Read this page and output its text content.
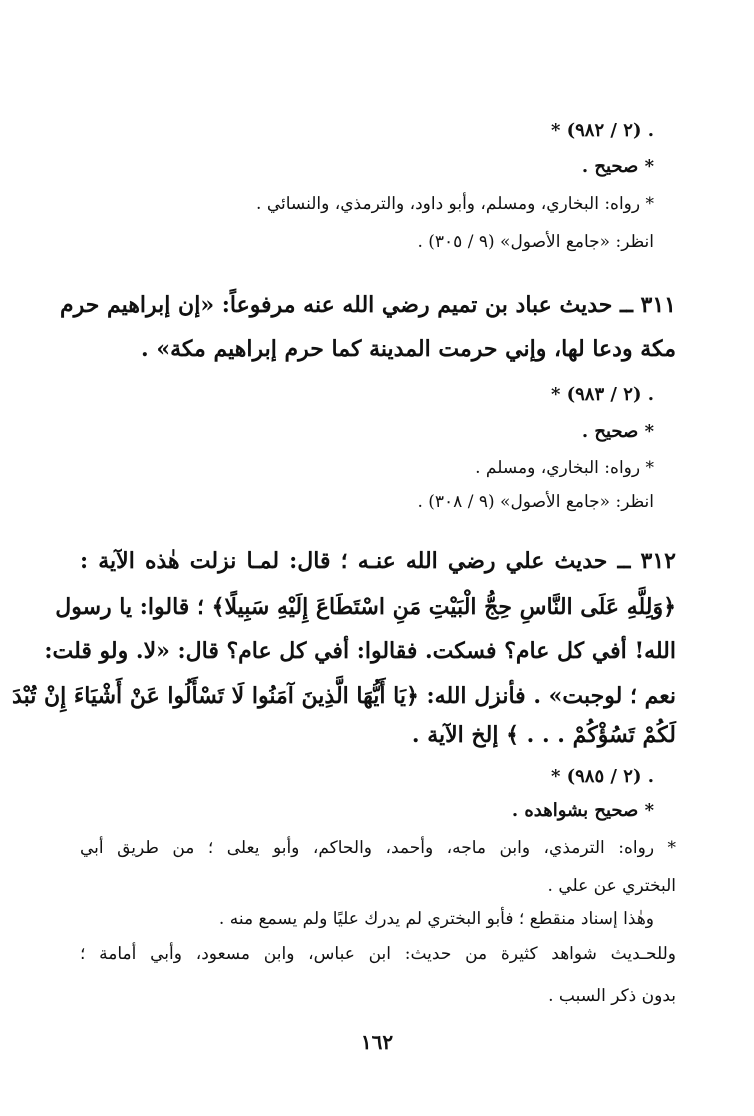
* (٢ / ٩٨٢) .
* صحيح .
* رواه: البخاري، ومسلم، وأبو داود، والترمذي، والنسائي .
انظر: «جامع الأصول» (٩ / ٣٠٥) .
٣١١ ــ حديث عباد بن تميم رضي الله عنه مرفوعاً: «إن إبراهيم حرم
مكة ودعا لها، وإني حرمت المدينة كما حرم إبراهيم مكة» .
* (٢ / ٩٨٣) .
* صحيح .
* رواه: البخاري، ومسلم .
انظر: «جامع الأصول» (٩ / ٣٠٨) .
٣١٢ ــ حديث علي رضي الله عنـه ؛ قال: لمـا نزلت هٰذه الآية :
﴿وَلِلَّهِ عَلَى النَّاسِ حِجُّ الْبَيْتِ مَنِ اسْتَطَاعَ إِلَيْهِ سَبِيلًا﴾ ؛ قالوا: يا رسول
الله! أفي كل عام؟ فسكت. فقالوا: أفي كل عام؟ قال: «لا. ولو قلت:
نعم ؛ لوجبت» . فأنزل الله: ﴿يَا أَيُّهَا الَّذِينَ آمَنُوا لَا تَسْأَلُوا عَنْ أَشْيَاءَ إِنْ تُبْدَ
لَكُمْ تَسُؤْكُمْ . . . ﴾ إلخ الآية .
* (٢ / ٩٨٥) .
* صحيح بشواهده .
* رواه: الترمذي، وابن ماجه، وأحمد، والحاكم، وأبو يعلى ؛ من طريق أبي
البختري عن علي .
وهٰذا إسناد منقطع ؛ فأبو البختري لم يدرك عليًا ولم يسمع منه .
وللحـديث شواهد كثيرة من حديث: ابن عباس، وابن مسعود، وأبي أمامة ؛
بدون ذكر السبب .
١٦٢
